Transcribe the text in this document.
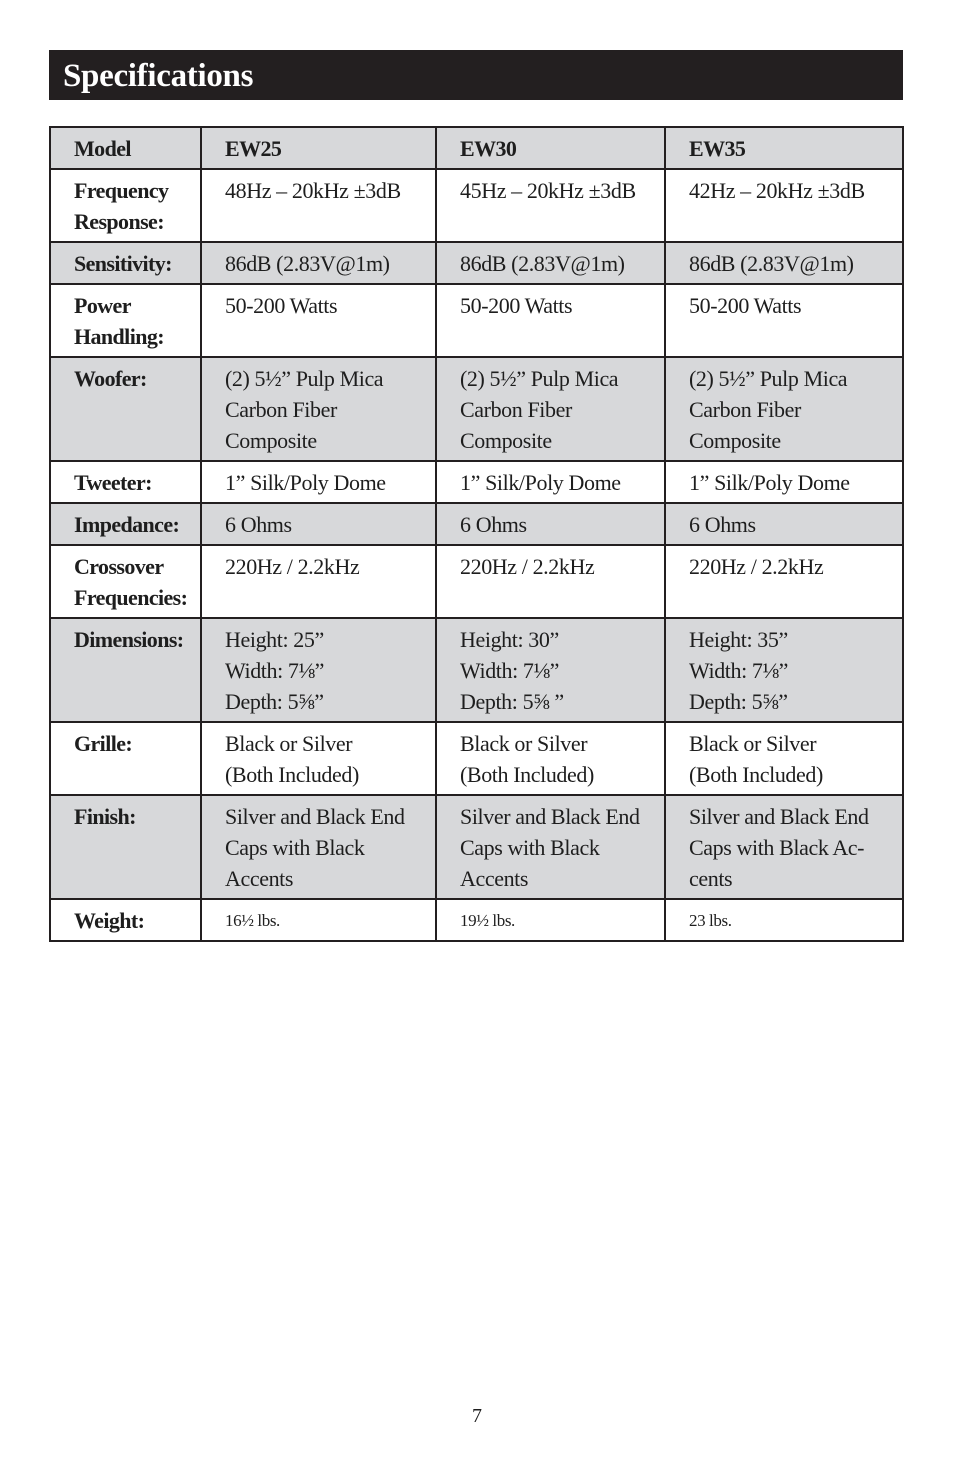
Specifications
Model	EW25	EW30	EW35

Frequency
Response:	48Hz – 20kHz ±3dB	45Hz – 20kHz ±3dB	42Hz – 20kHz ±3dB

Sensitivity:	86dB (2.83V@1m)	86dB (2.83V@1m)	86dB (2.83V@1m)

Power
Handling:	50-200 Watts	50-200 Watts	50-200 Watts

Woofer:	(2) 5½” Pulp Mica
Carbon Fiber
Composite	(2) 5½” Pulp Mica
Carbon Fiber
Composite	(2) 5½” Pulp Mica
Carbon Fiber
Composite

Tweeter:	1” Silk/Poly Dome	1” Silk/Poly Dome	1” Silk/Poly Dome

Impedance:	6 Ohms	6 Ohms	6 Ohms

Crossover
Frequencies:	220Hz / 2.2kHz	220Hz / 2.2kHz	220Hz / 2.2kHz

Dimensions:	Height: 25”
Width: 7⅛”
Depth: 5⅝”	Height: 30”
Width: 7⅛”
Depth: 5⅝ ”	Height: 35”
Width: 7⅛”
Depth: 5⅝”

Grille:	Black or Silver
(Both Included)	Black or Silver
(Both Included)	Black or Silver
(Both Included)

Finish:	Silver and Black End
Caps with Black
Accents	Silver and Black End
Caps with Black
Accents	Silver and Black End
Caps with Black Ac-
cents

Weight:	16½ lbs.	19½ lbs.	23 lbs.
7
